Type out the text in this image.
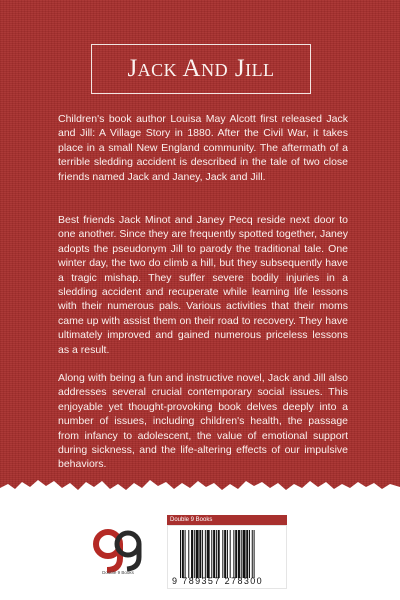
Jack And Jill

Children's book author Louisa May Alcott first released Jack and Jill: A Village Story in 1880. After the Civil War, it takes place in a small New England community. The aftermath of a terrible sledding accident is described in the tale of two close friends named Jack and Janey, Jack and Jill.

Best friends Jack Minot and Janey Pecq reside next door to one another. Since they are frequently spotted together, Janey adopts the pseudonym Jill to parody the traditional tale. One winter day, the two do climb a hill, but they subsequently have a tragic mishap. They suffer severe bodily injuries in a sledding accident and recuperate while learning life lessons with their numerous pals. Various activities that their moms came up with assist them on their road to recovery. They have ultimately improved and gained numerous priceless lessons as a result.

Along with being a fun and instructive novel, Jack and Jill also addresses several crucial contemporary social issues. This enjoyable yet thought-provoking book delves deeply into a number of issues, including children's health, the passage from infancy to adolescent, the value of emotional support during sickness, and the life-altering effects of our impulsive behaviors.

Double 9 Books
Double 9 Books
9 789357 278300
